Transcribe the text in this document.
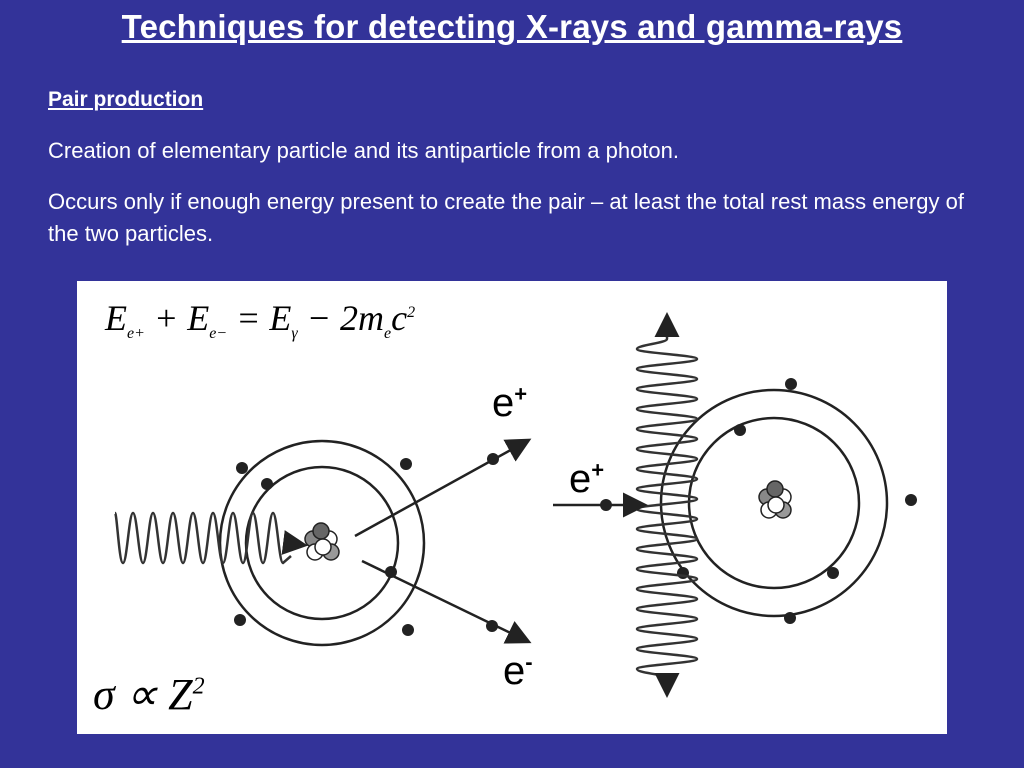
Techniques for detecting X-rays and gamma-rays
Pair production
Creation of elementary particle and its antiparticle from a photon.
Occurs only if enough energy present to create the pair – at least the total rest mass energy of the two particles.
$E_{e+} + E_{e-} = E_\gamma - 2m_ec^2$
$\sigma \propto Z^2$
e+
e-
e+
